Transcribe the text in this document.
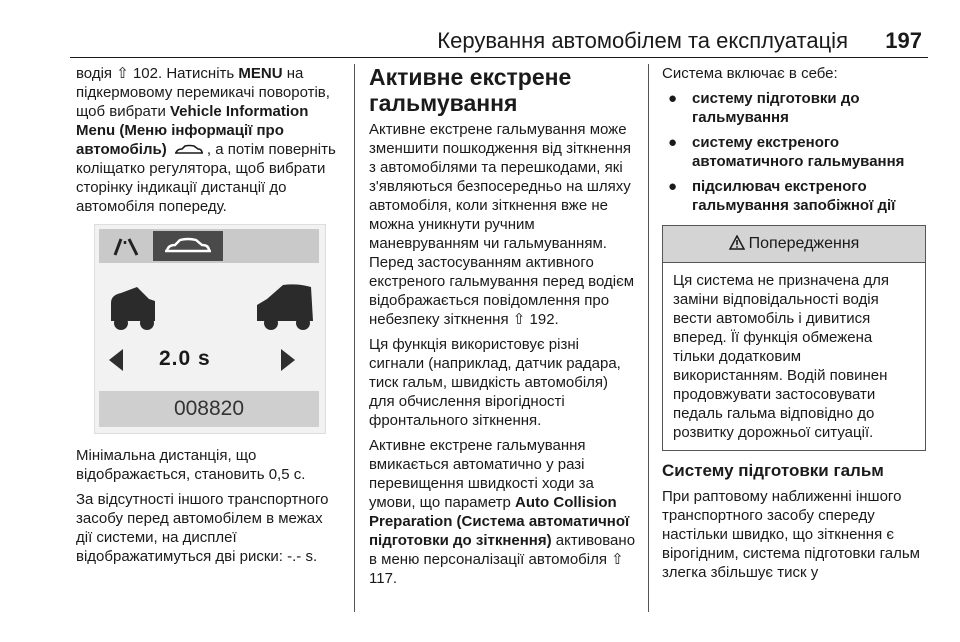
Керування автомобілем та експлуатація 197

водія ⇧ 102. Натисніть MENU на підкермовому перемикачі поворотів, щоб вибрати Vehicle Information Menu (Меню інформації про автомобіль)	, а потім поверніть коліщатко регулятора, щоб вибрати сторінку індикації дистанції до автомобіля попереду.

2.0 s
008820

Мінімальна дистанція, що відображається, становить 0,5 с.

За відсутності іншого транспортного засобу перед автомобілем в межах дії системи, на дисплеї відображатимуться дві риски: -.- s.

Активне екстрене гальмування

Активне екстрене гальмування може зменшити пошкодження від зіткнення з автомобілями та перешкодами, які з'являються безпосередньо на шляху автомобіля, коли зіткнення вже не можна уникнути ручним маневруванням чи гальмуванням. Перед застосуванням активного екстреного гальмування перед водієм відображається повідомлення про небезпеку зіткнення ⇧ 192.

Ця функція використовує різні сигнали (наприклад, датчик радара, тиск гальм, швидкість автомобіля) для обчислення вірогідності фронтального зіткнення.

Активне екстрене гальмування вмикається автоматично у разі перевищення швидкості ходи за умови, що параметр Auto Collision Preparation (Система автоматичної підготовки до зіткнення) активовано в меню персоналізації автомобіля ⇧ 117.

Система включає в себе:

● систему підготовки до гальмування
● систему екстреного автоматичного гальмування
● підсилювач екстреного гальмування запобіжної дії
Попередження
Ця система не призначена для заміни відповідальності водія вести автомобіль і дивитися вперед. Її функція обмежена тільки додатковим використанням. Водій повинен продовжувати застосовувати педаль гальма відповідно до розвитку дорожньої ситуації.
Систему підготовки гальм

При раптовому наближенні іншого транспортного засобу спереду настільки швидко, що зіткнення є вірогідним, система підготовки гальм злегка збільшує тиск у
